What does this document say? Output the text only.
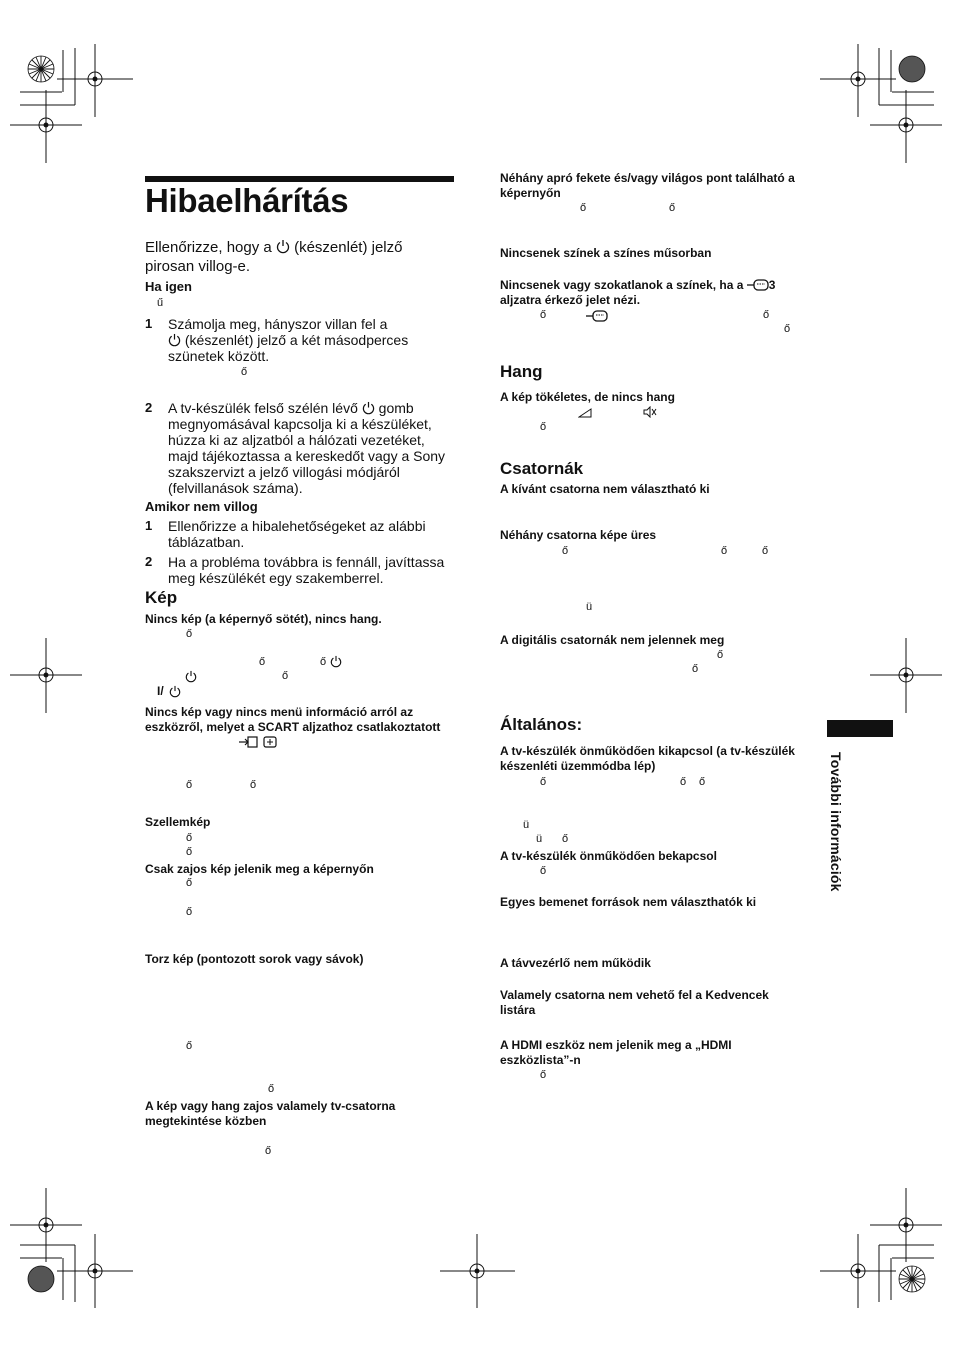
Hibaelhárítás
Ellenőrizze, hogy a (készenlét) jelző pirosan villog-e.
Ha igen
ű
1 Számolja meg, hányszor villan fel a
(készenlét) jelző a két másodperces szünetek között.
ő
2 A tv-készülék felső szélén lévő gomb megnyomásával kapcsolja ki a készüléket, húzza ki az aljzatból a hálózati vezetéket, majd tájékoztassa a kereskedőt vagy a Sony szakszervizt a jelző villogási módjáról (felvillanások száma).
Amikor nem villog
1 Ellenőrizze a hibalehetőségeket az alábbi táblázatban.
2 Ha a probléma továbbra is fennáll, javíttassa meg készülékét egy szakemberrel.
Kép
Nincs kép (a képernyő sötét), nincs hang.
ő
ő	ő
ő
I/
Nincs kép vagy nincs menü információ arról az eszközről, melyet a SCART aljzathoz csatlakoztatott
ő	ő
Szellemkép
ő
ő
Csak zajos kép jelenik meg a képernyőn
ő
ő
Torz kép (pontozott sorok vagy sávok)
ő
ő
A kép vagy hang zajos valamely tv-csatorna megtekintése közben
ő
Néhány apró fekete és/vagy világos pont található a képernyőn
ő	ő
Nincsenek színek a színes műsorban
Nincsenek vagy szokatlanok a színek, ha a 3
aljzatra érkező jelet nézi.
ő	ő
ő
Hang
A kép tökéletes, de nincs hang
ő
Csatornák
A kívánt csatorna nem választható ki
Néhány csatorna képe üres
ő	ő	ő
ü
A digitális csatornák nem jelennek meg
ő
ő
Általános:
A tv-készülék önműködően kikapcsol (a tv-készülék készenléti üzemmódba lép)
ő	ő ő
ü
ü ő
A tv-készülék önműködően bekapcsol
ő
Egyes bemenet források nem választhatók ki
A távvezérlő nem működik
Valamely csatorna nem vehető fel a Kedvencek listára
A HDMI eszköz nem jelenik meg a „HDMI eszközlista”-n
ő
További információk
